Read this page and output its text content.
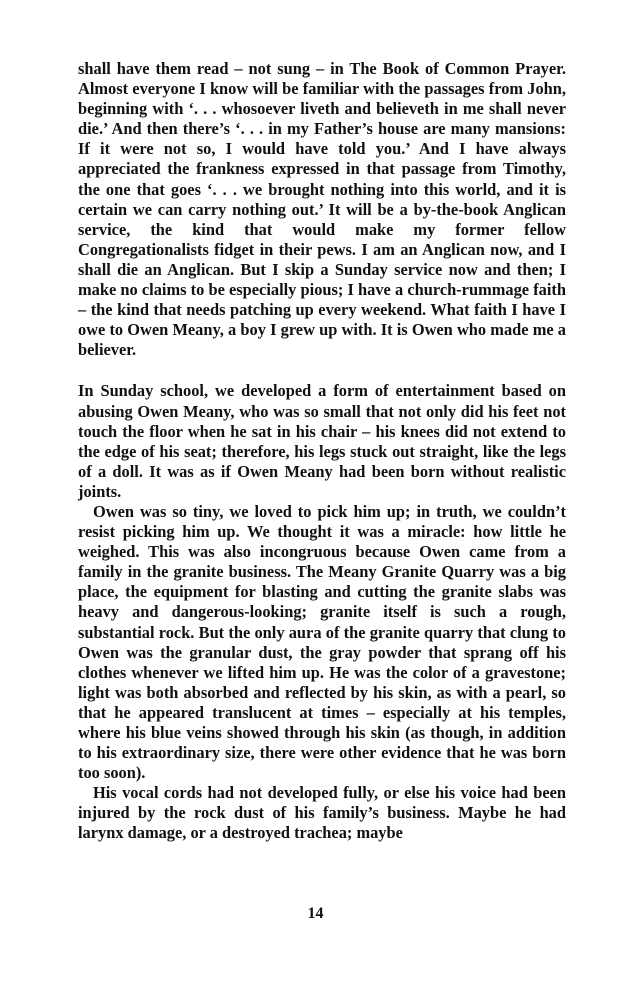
shall have them read – not sung – in The Book of Common Prayer. Almost everyone I know will be familiar with the passages from John, beginning with ‘. . . whosoever liveth and believeth in me shall never die.’ And then there’s ‘. . . in my Father’s house are many mansions: If it were not so, I would have told you.’ And I have always appreciated the frankness expressed in that passage from Timothy, the one that goes ‘. . . we brought nothing into this world, and it is certain we can carry nothing out.’ It will be a by-the-book Anglican service, the kind that would make my former fellow Congregationalists fidget in their pews. I am an Anglican now, and I shall die an Anglican. But I skip a Sunday service now and then; I make no claims to be especially pious; I have a church-rummage faith – the kind that needs patching up every weekend. What faith I have I owe to Owen Meany, a boy I grew up with. It is Owen who made me a believer.

In Sunday school, we developed a form of entertainment based on abusing Owen Meany, who was so small that not only did his feet not touch the floor when he sat in his chair – his knees did not extend to the edge of his seat; therefore, his legs stuck out straight, like the legs of a doll. It was as if Owen Meany had been born without realistic joints.

Owen was so tiny, we loved to pick him up; in truth, we couldn’t resist picking him up. We thought it was a miracle: how little he weighed. This was also incongruous because Owen came from a family in the granite business. The Meany Granite Quarry was a big place, the equipment for blasting and cutting the granite slabs was heavy and dangerous-looking; granite itself is such a rough, substantial rock. But the only aura of the granite quarry that clung to Owen was the granular dust, the gray powder that sprang off his clothes whenever we lifted him up. He was the color of a gravestone; light was both absorbed and reflected by his skin, as with a pearl, so that he appeared translucent at times – especially at his temples, where his blue veins showed through his skin (as though, in addition to his extraordinary size, there were other evidence that he was born too soon).

His vocal cords had not developed fully, or else his voice had been injured by the rock dust of his family’s business. Maybe he had larynx damage, or a destroyed trachea; maybe

14
